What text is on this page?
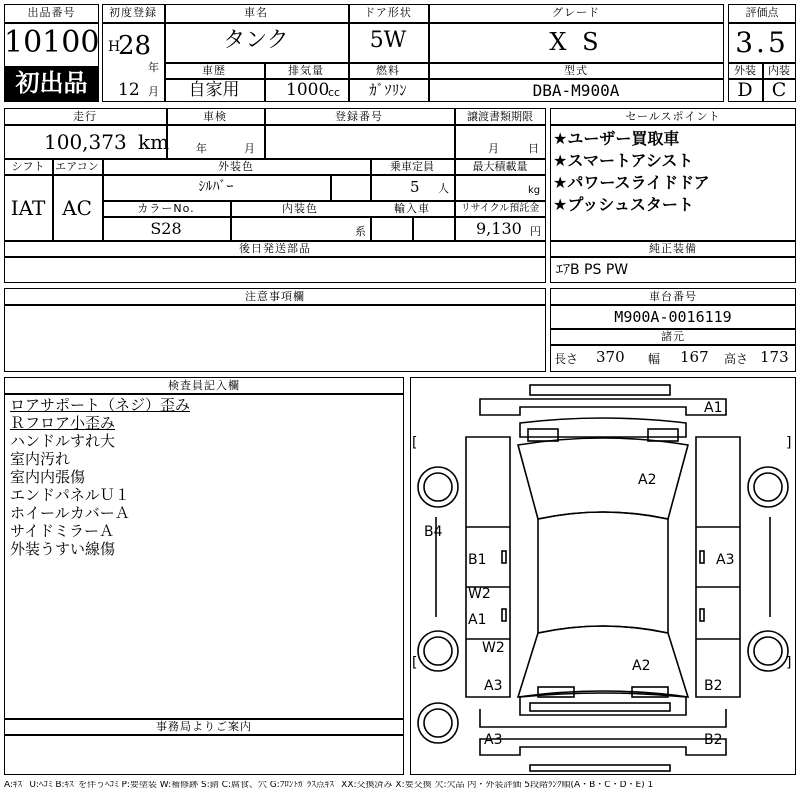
出品番号
10100
初出品
初度登録
H
28
年
12 月
車名
タンク
ドア形状
5W
グレード
X S
車歴
自家用
排気量
1000
cc
燃料
ｶﾞｿﾘﾝ
型式
DBA-M900A
評価点
3.5
外装	内装
D	C
走行
100,373 km
車検
年	月
登録番号	譲渡書類期限
月	日
シフト
IAT
エアコン
AC
外装色
ｼﾙﾊﾞｰ
乗車定員
5 人
最大積載量
kg
カラーNo.
S28
内装色
系
輸入車	リサイクル預託金
9,130 円
後日発送部品
セールスポイント
★ユーザー買取車
★スマートアシスト
★パワースライドドア
★プッシュスタート
純正装備
ｴｱB PS PW
注意事項欄	車台番号
M900A-0016119
諸元
長さ 370 幅 167 高さ 173
検査員記入欄
ロアサポート（ネジ）歪み
Ｒフロア小歪み
ハンドルすれ大
室内汚れ
室内内張傷
エンドパネルＵ１
ホイールカバーＡ
サイドミラーＡ
外装うすい線傷
事務局よりご案内
[	]
[	]
A1
A2
B4
B1	A3
W2
A1
W2
A2
A3	B2
A3	B2
A:ｷｽﾞ U:ﾍｺﾐ B:ｷｽﾞを伴うﾍｺﾐ P:要塗装 W:補修跡 S:錆 C:腐食、穴 G:ﾌﾛﾝﾄｶﾞﾗｽ点ｷｽﾞ XX:交換済み X:要交換 欠:欠品 内・外装評価 5段階ﾗﾝｸ順(A・B・C・D・E) 1
